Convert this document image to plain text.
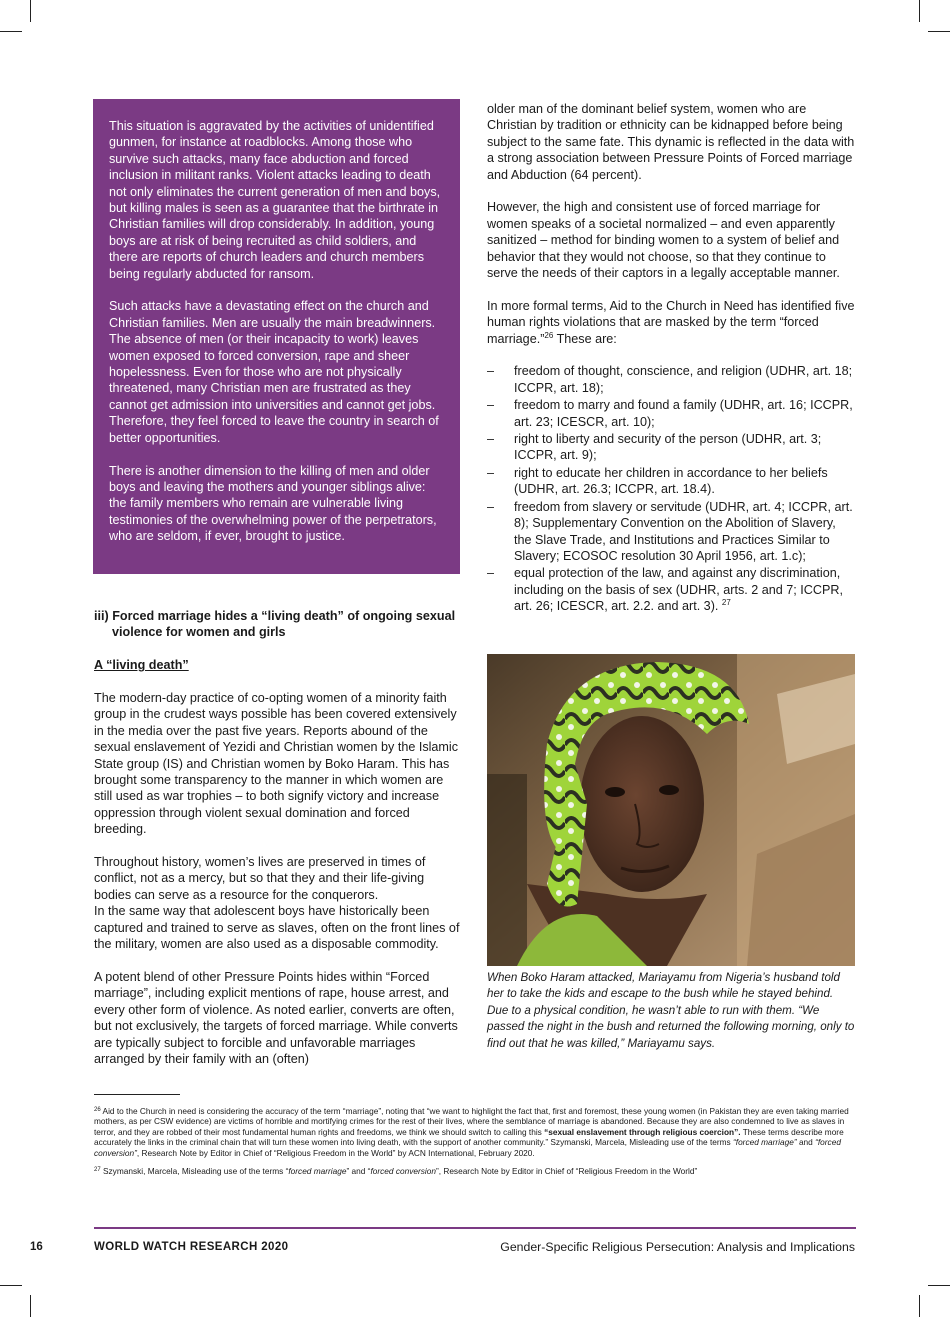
This situation is aggravated by the activities of unidentified gunmen, for instance at roadblocks. Among those who survive such attacks, many face abduction and forced inclusion in militant ranks. Violent attacks leading to death not only eliminates the current generation of men and boys, but killing males is seen as a guarantee that the birthrate in Christian families will drop considerably. In addition, young boys are at risk of being recruited as child soldiers, and there are reports of church leaders and church members being regularly abducted for ransom.

Such attacks have a devastating effect on the church and Christian families. Men are usually the main breadwinners. The absence of men (or their incapacity to work) leaves women exposed to forced conversion, rape and sheer hopelessness. Even for those who are not physically threatened, many Christian men are frustrated as they cannot get admission into universities and cannot get jobs. Therefore, they feel forced to leave the country in search of better opportunities.

There is another dimension to the killing of men and older boys and leaving the mothers and younger siblings alive: the family members who remain are vulnerable living testimonies of the overwhelming power of the perpetrators, who are seldom, if ever, brought to justice.

iii) Forced marriage hides a “living death” of ongoing sexual violence for women and girls

A “living death”

The modern-day practice of co-opting women of a minority faith group in the crudest ways possible has been covered extensively in the media over the past five years. Reports abound of the sexual enslavement of Yezidi and Christian women by the Islamic State group (IS) and Christian women by Boko Haram. This has brought some transparency to the manner in which women are still used as war trophies – to both signify victory and increase oppression through violent sexual domination and forced breeding.

Throughout history, women’s lives are preserved in times of conflict, not as a mercy, but so that they and their life-giving bodies can serve as a resource for the conquerors.
In the same way that adolescent boys have historically been captured and trained to serve as slaves, often on the front lines of the military, women are also used as a disposable commodity.

A potent blend of other Pressure Points hides within “Forced marriage”, including explicit mentions of rape, house arrest, and every other form of violence. As noted earlier, converts are often, but not exclusively, the targets of forced marriage. While converts are typically subject to forcible and unfavorable marriages arranged by their family with an (often)

older man of the dominant belief system, women who are Christian by tradition or ethnicity can be kidnapped before being subject to the same fate. This dynamic is reflected in the data with a strong association between Pressure Points of Forced marriage and Abduction (64 percent).

However, the high and consistent use of forced marriage for women speaks of a societal normalized – and even apparently sanitized – method for binding women to a system of belief and behavior that they would not choose, so that they continue to serve the needs of their captors in a legally acceptable manner.

In more formal terms, Aid to the Church in Need has identified five human rights violations that are masked by the term “forced marriage.”$^{26}$ These are:

– freedom of thought, conscience, and religion (UDHR, art. 18; ICCPR, art. 18);
– freedom to marry and found a family (UDHR, art. 16; ICCPR, art. 23; ICESCR, art. 10);
– right to liberty and security of the person (UDHR, art. 3; ICCPR, art. 9);
– right to educate her children in accordance to her beliefs (UDHR, art. 26.3; ICCPR, art. 18.4).
– freedom from slavery or servitude (UDHR, art. 4; ICCPR, art. 8); Supplementary Convention on the Abolition of Slavery, the Slave Trade, and Institutions and Practices Similar to Slavery; ECOSOC resolution 30 April 1956, art. 1.c);
– equal protection of the law, and against any discrimination, including on the basis of sex (UDHR, arts. 2 and 7; ICCPR, art. 26; ICESCR, art. 2.2. and art. 3). $^{27}$
When Boko Haram attacked, Mariayamu from Nigeria’s husband told her to take the kids and escape to the bush while he stayed behind. Due to a physical condition, he wasn’t able to run with them. “We passed the night in the bush and returned the following morning, only to find out that he was killed,” Mariayamu says.

$^{26}$ Aid to the Church in need is considering the accuracy of the term “marriage”, noting that “we want to highlight the fact that, first and foremost, these young women (in Pakistan they are even taking married mothers, as per CSW evidence) are victims of horrible and mortifying crimes for the rest of their lives, where the semblance of marriage is abandoned. Because they are also condemned to live as slaves in terror, and they are robbed of their most fundamental human rights and freedoms, we think we should switch to calling this “sexual enslavement through religious coercion”. These terms describe more accurately the links in the criminal chain that will turn these women into living death, with the support of another community.” Szymanski, Marcela, Misleading use of the terms “forced marriage” and “forced conversion”, Research Note by Editor in Chief of “Religious Freedom in the World” by ACN International, February 2020.

$^{27}$ Szymanski, Marcela, Misleading use of the terms “forced marriage” and “forced conversion”, Research Note by Editor in Chief of “Religious Freedom in the World”

16	WORLD WATCH RESEARCH 2020	Gender-Specific Religious Persecution: Analysis and Implications
